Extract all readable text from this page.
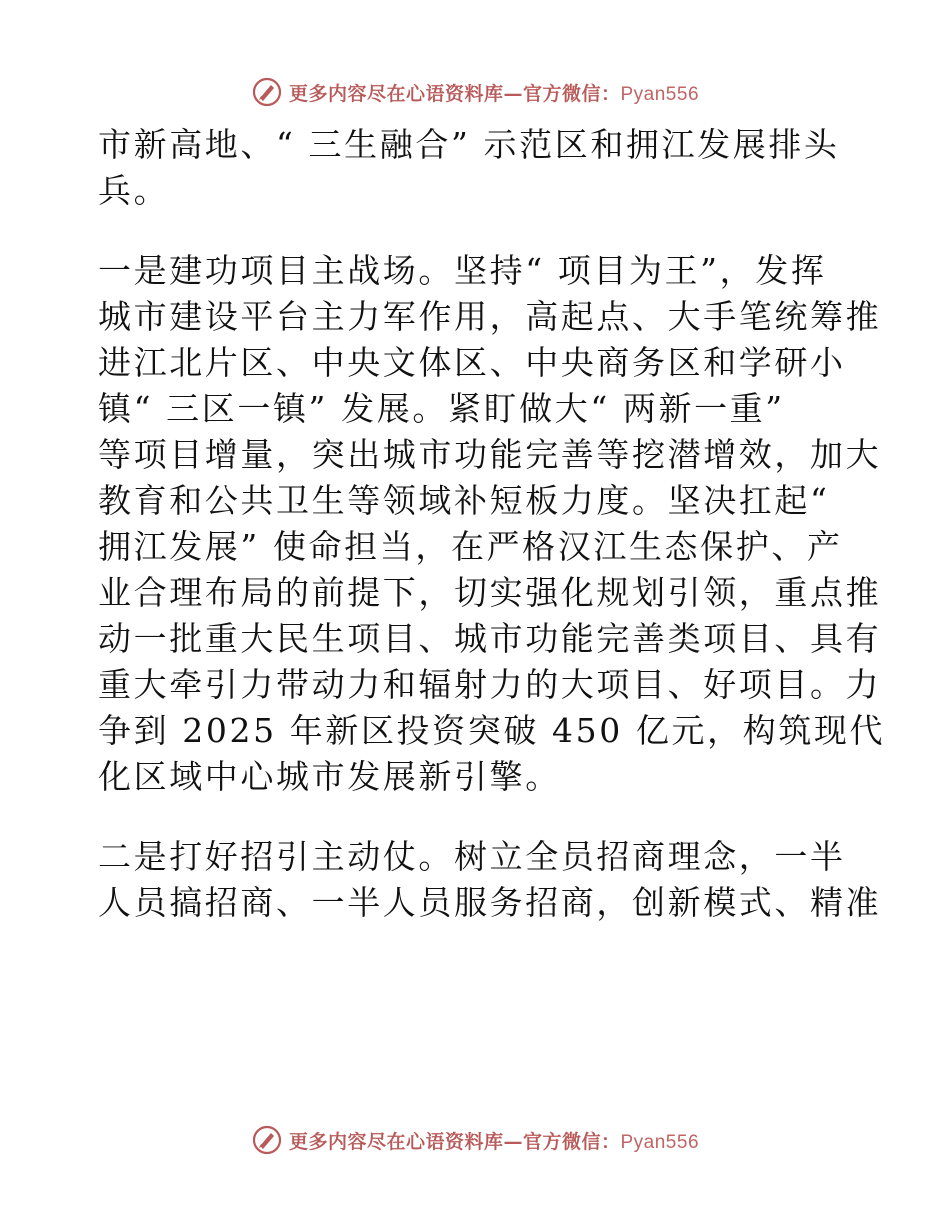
更多内容尽在心语资料库—官方微信：Pyan556
市新高地、“ 三生融合” 示范区和拥江发展排头
兵。
一是建功项目主战场。坚持“ 项目为王”，发挥
城市建设平台主力军作用，高起点、大手笔统筹推
进江北片区、中央文体区、中央商务区和学研小
镇“ 三区一镇” 发展。紧盯做大“ 两新一重”
等项目增量，突出城市功能完善等挖潜增效，加大
教育和公共卫生等领域补短板力度。坚决扛起“
拥江发展” 使命担当，在严格汉江生态保护、产
业合理布局的前提下，切实强化规划引领，重点推
动一批重大民生项目、城市功能完善类项目、具有
重大牵引力带动力和辐射力的大项目、好项目。力
争到 2025 年新区投资突破 450 亿元，构筑现代
化区域中心城市发展新引擎。
二是打好招引主动仗。树立全员招商理念，一半
人员搞招商、一半人员服务招商，创新模式、精准
更多内容尽在心语资料库—官方微信：Pyan556
